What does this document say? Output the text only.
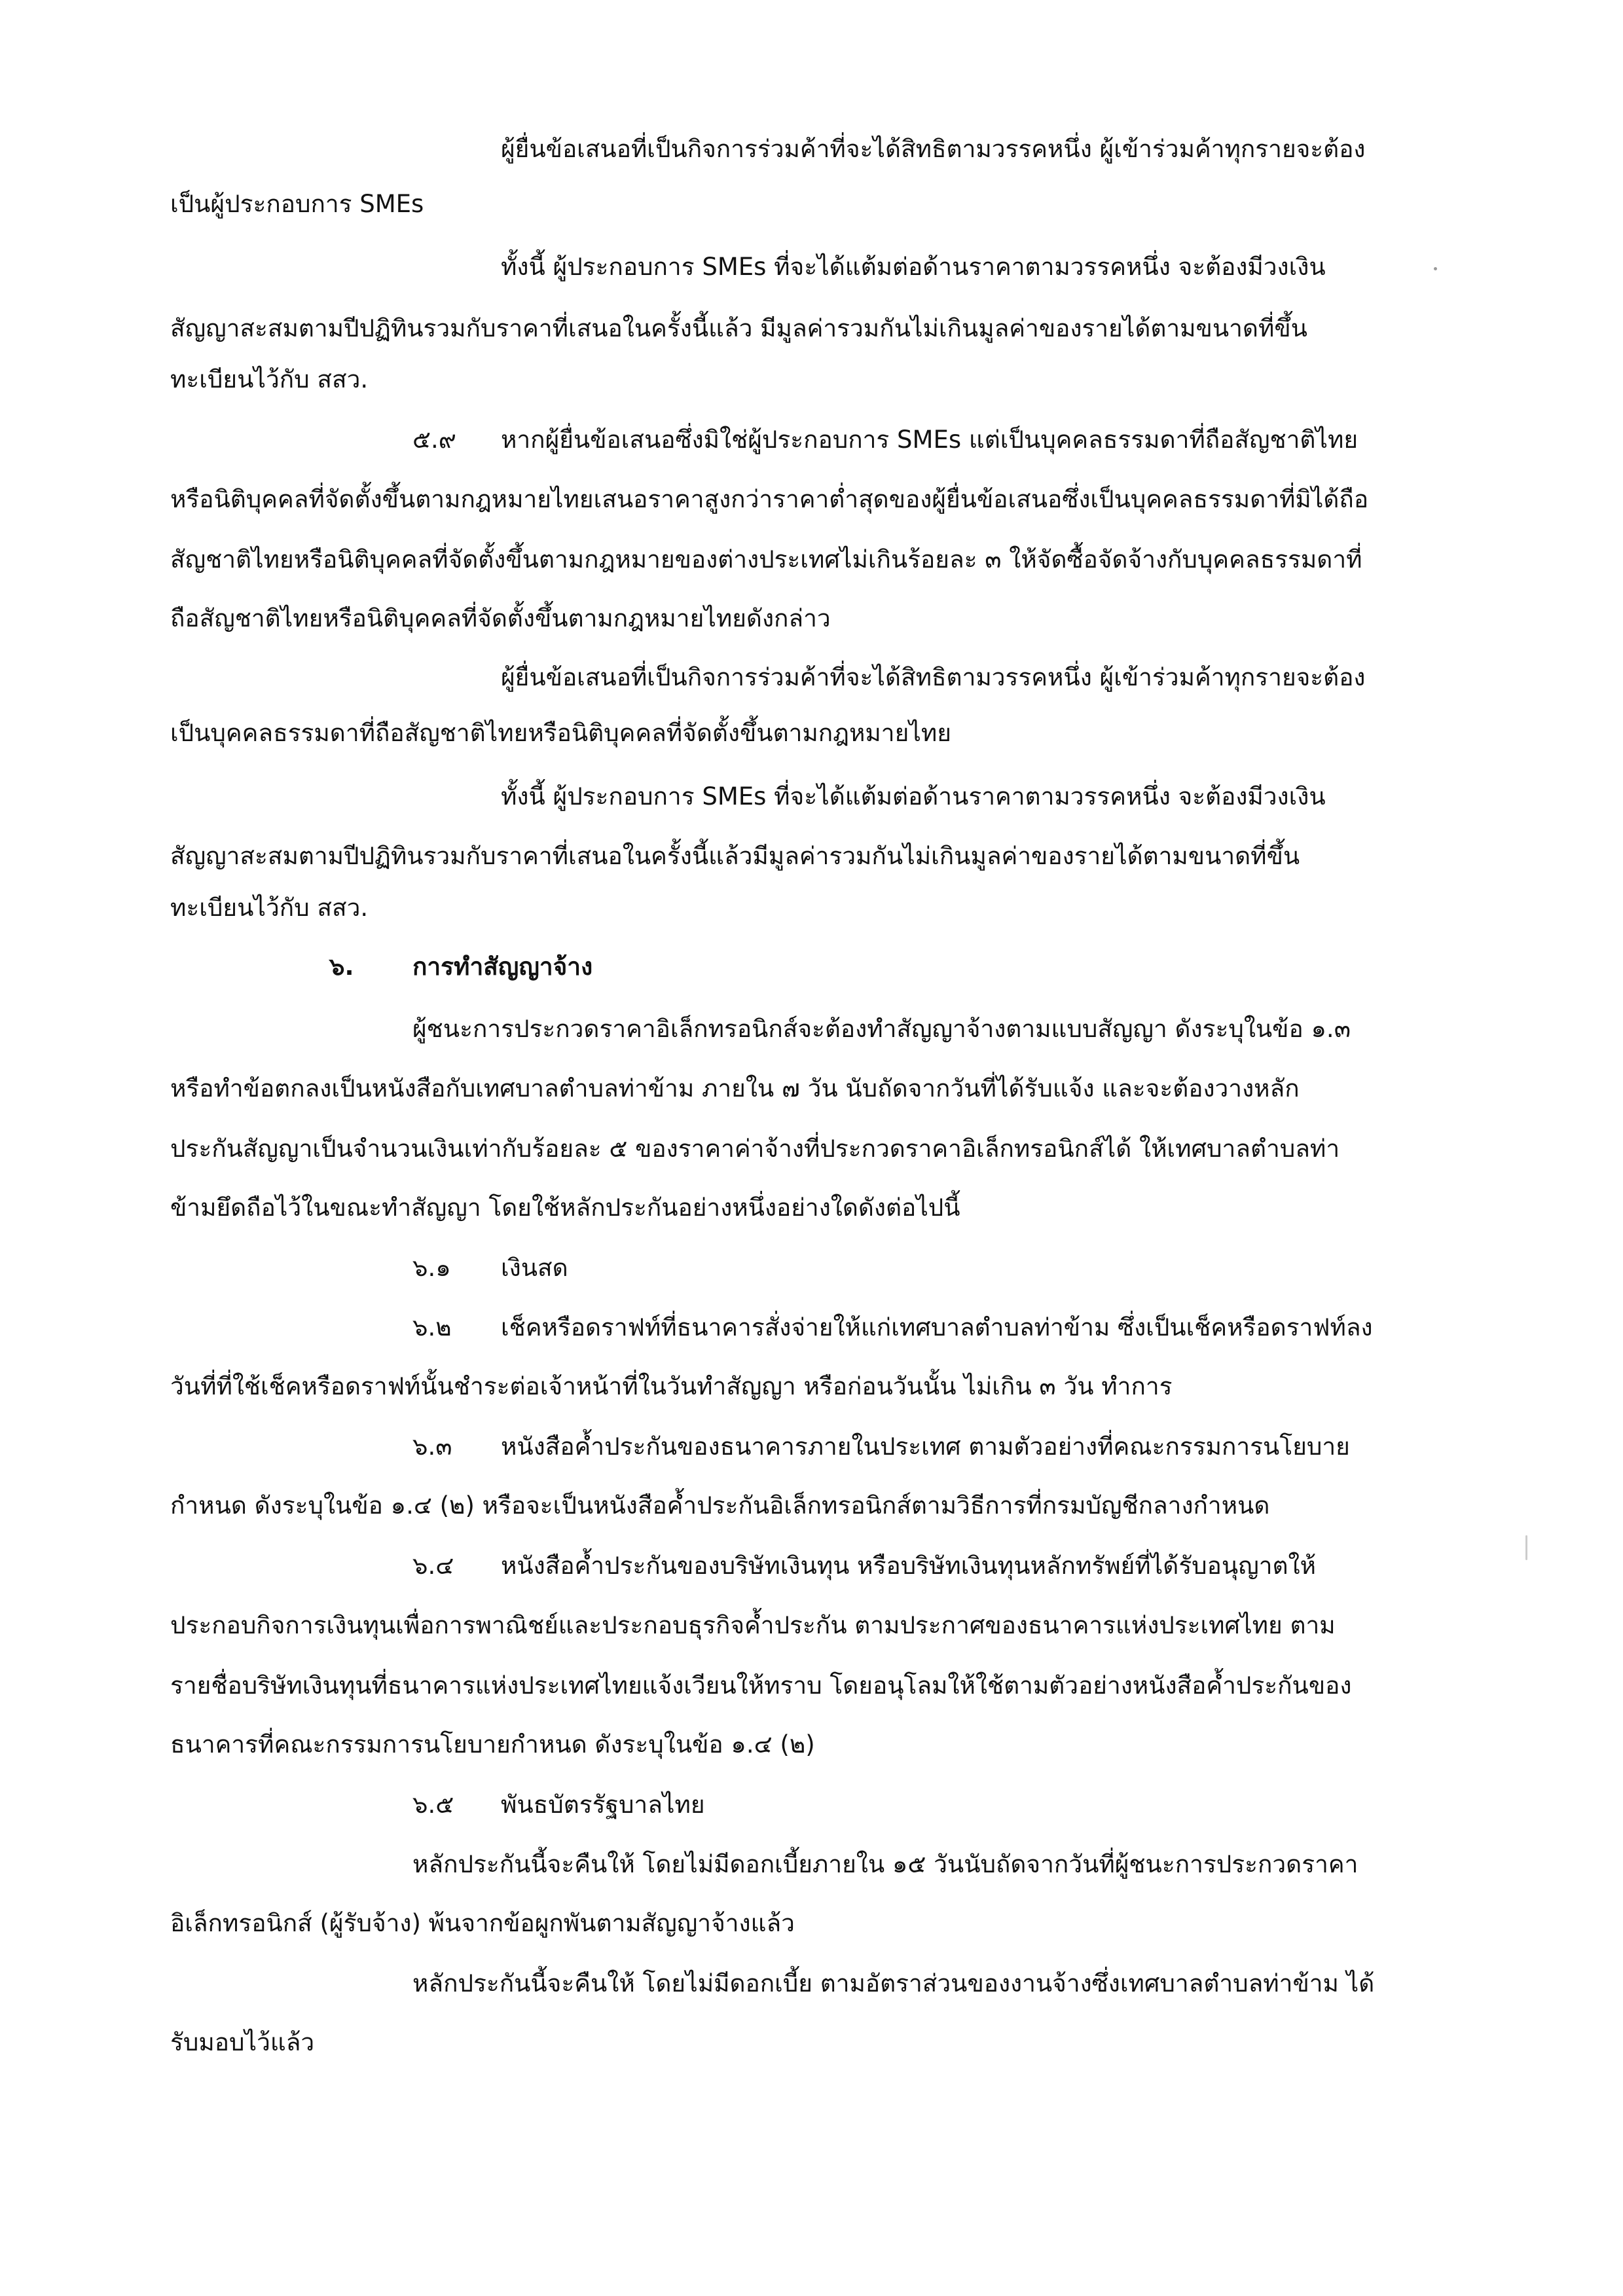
ผู้ยื่นข้อเสนอที่เป็นกิจการร่วมค้าที่จะได้สิทธิตามวรรคหนึ่ง ผู้เข้าร่วมค้าทุกรายจะต้อง
เป็นผู้ประกอบการ SMEs
ทั้งนี้ ผู้ประกอบการ SMEs ที่จะได้แต้มต่อด้านราคาตามวรรคหนึ่ง จะต้องมีวงเงิน
สัญญาสะสมตามปีปฏิทินรวมกับราคาที่เสนอในครั้งนี้แล้ว มีมูลค่ารวมกันไม่เกินมูลค่าของรายได้ตามขนาดที่ขึ้น
ทะเบียนไว้กับ สสว.
๕.๙ หากผู้ยื่นข้อเสนอซึ่งมิใช่ผู้ประกอบการ SMEs แต่เป็นบุคคลธรรมดาที่ถือสัญชาติไทย
หรือนิติบุคคลที่จัดตั้งขึ้นตามกฎหมายไทยเสนอราคาสูงกว่าราคาต่ำสุดของผู้ยื่นข้อเสนอซึ่งเป็นบุคคลธรรมดาที่มิได้ถือ
สัญชาติไทยหรือนิติบุคคลที่จัดตั้งขึ้นตามกฎหมายของต่างประเทศไม่เกินร้อยละ ๓ ให้จัดซื้อจัดจ้างกับบุคคลธรรมดาที่
ถือสัญชาติไทยหรือนิติบุคคลที่จัดตั้งขึ้นตามกฎหมายไทยดังกล่าว
ผู้ยื่นข้อเสนอที่เป็นกิจการร่วมค้าที่จะได้สิทธิตามวรรคหนึ่ง ผู้เข้าร่วมค้าทุกรายจะต้อง
เป็นบุคคลธรรมดาที่ถือสัญชาติไทยหรือนิติบุคคลที่จัดตั้งขึ้นตามกฎหมายไทย
ทั้งนี้ ผู้ประกอบการ SMEs ที่จะได้แต้มต่อด้านราคาตามวรรคหนึ่ง จะต้องมีวงเงิน
สัญญาสะสมตามปีปฏิทินรวมกับราคาที่เสนอในครั้งนี้แล้วมีมูลค่ารวมกันไม่เกินมูลค่าของรายได้ตามขนาดที่ขึ้น
ทะเบียนไว้กับ สสว.
๖. การทำสัญญาจ้าง
ผู้ชนะการประกวดราคาอิเล็กทรอนิกส์จะต้องทำสัญญาจ้างตามแบบสัญญา ดังระบุในข้อ ๑.๓
หรือทำข้อตกลงเป็นหนังสือกับเทศบาลตำบลท่าข้าม ภายใน ๗ วัน นับถัดจากวันที่ได้รับแจ้ง และจะต้องวางหลัก
ประกันสัญญาเป็นจำนวนเงินเท่ากับร้อยละ ๕ ของราคาค่าจ้างที่ประกวดราคาอิเล็กทรอนิกส์ได้ ให้เทศบาลตำบลท่า
ข้ามยึดถือไว้ในขณะทำสัญญา โดยใช้หลักประกันอย่างหนึ่งอย่างใดดังต่อไปนี้
๖.๑ เงินสด
๖.๒ เช็คหรือดราฟท์ที่ธนาคารสั่งจ่ายให้แก่เทศบาลตำบลท่าข้าม ซึ่งเป็นเช็คหรือดราฟท์ลง
วันที่ที่ใช้เช็คหรือดราฟท์นั้นชำระต่อเจ้าหน้าที่ในวันทำสัญญา หรือก่อนวันนั้น ไม่เกิน ๓ วัน ทำการ
๖.๓ หนังสือค้ำประกันของธนาคารภายในประเทศ ตามตัวอย่างที่คณะกรรมการนโยบาย
กำหนด ดังระบุในข้อ ๑.๔ (๒) หรือจะเป็นหนังสือค้ำประกันอิเล็กทรอนิกส์ตามวิธีการที่กรมบัญชีกลางกำหนด
๖.๔ หนังสือค้ำประกันของบริษัทเงินทุน หรือบริษัทเงินทุนหลักทรัพย์ที่ได้รับอนุญาตให้
ประกอบกิจการเงินทุนเพื่อการพาณิชย์และประกอบธุรกิจค้ำประกัน ตามประกาศของธนาคารแห่งประเทศไทย ตาม
รายชื่อบริษัทเงินทุนที่ธนาคารแห่งประเทศไทยแจ้งเวียนให้ทราบ โดยอนุโลมให้ใช้ตามตัวอย่างหนังสือค้ำประกันของ
ธนาคารที่คณะกรรมการนโยบายกำหนด ดังระบุในข้อ ๑.๔ (๒)
๖.๕ พันธบัตรรัฐบาลไทย
หลักประกันนี้จะคืนให้ โดยไม่มีดอกเบี้ยภายใน ๑๕ วันนับถัดจากวันที่ผู้ชนะการประกวดราคา
อิเล็กทรอนิกส์ (ผู้รับจ้าง) พ้นจากข้อผูกพันตามสัญญาจ้างแล้ว
หลักประกันนี้จะคืนให้ โดยไม่มีดอกเบี้ย ตามอัตราส่วนของงานจ้างซึ่งเทศบาลตำบลท่าข้าม ได้
รับมอบไว้แล้ว
